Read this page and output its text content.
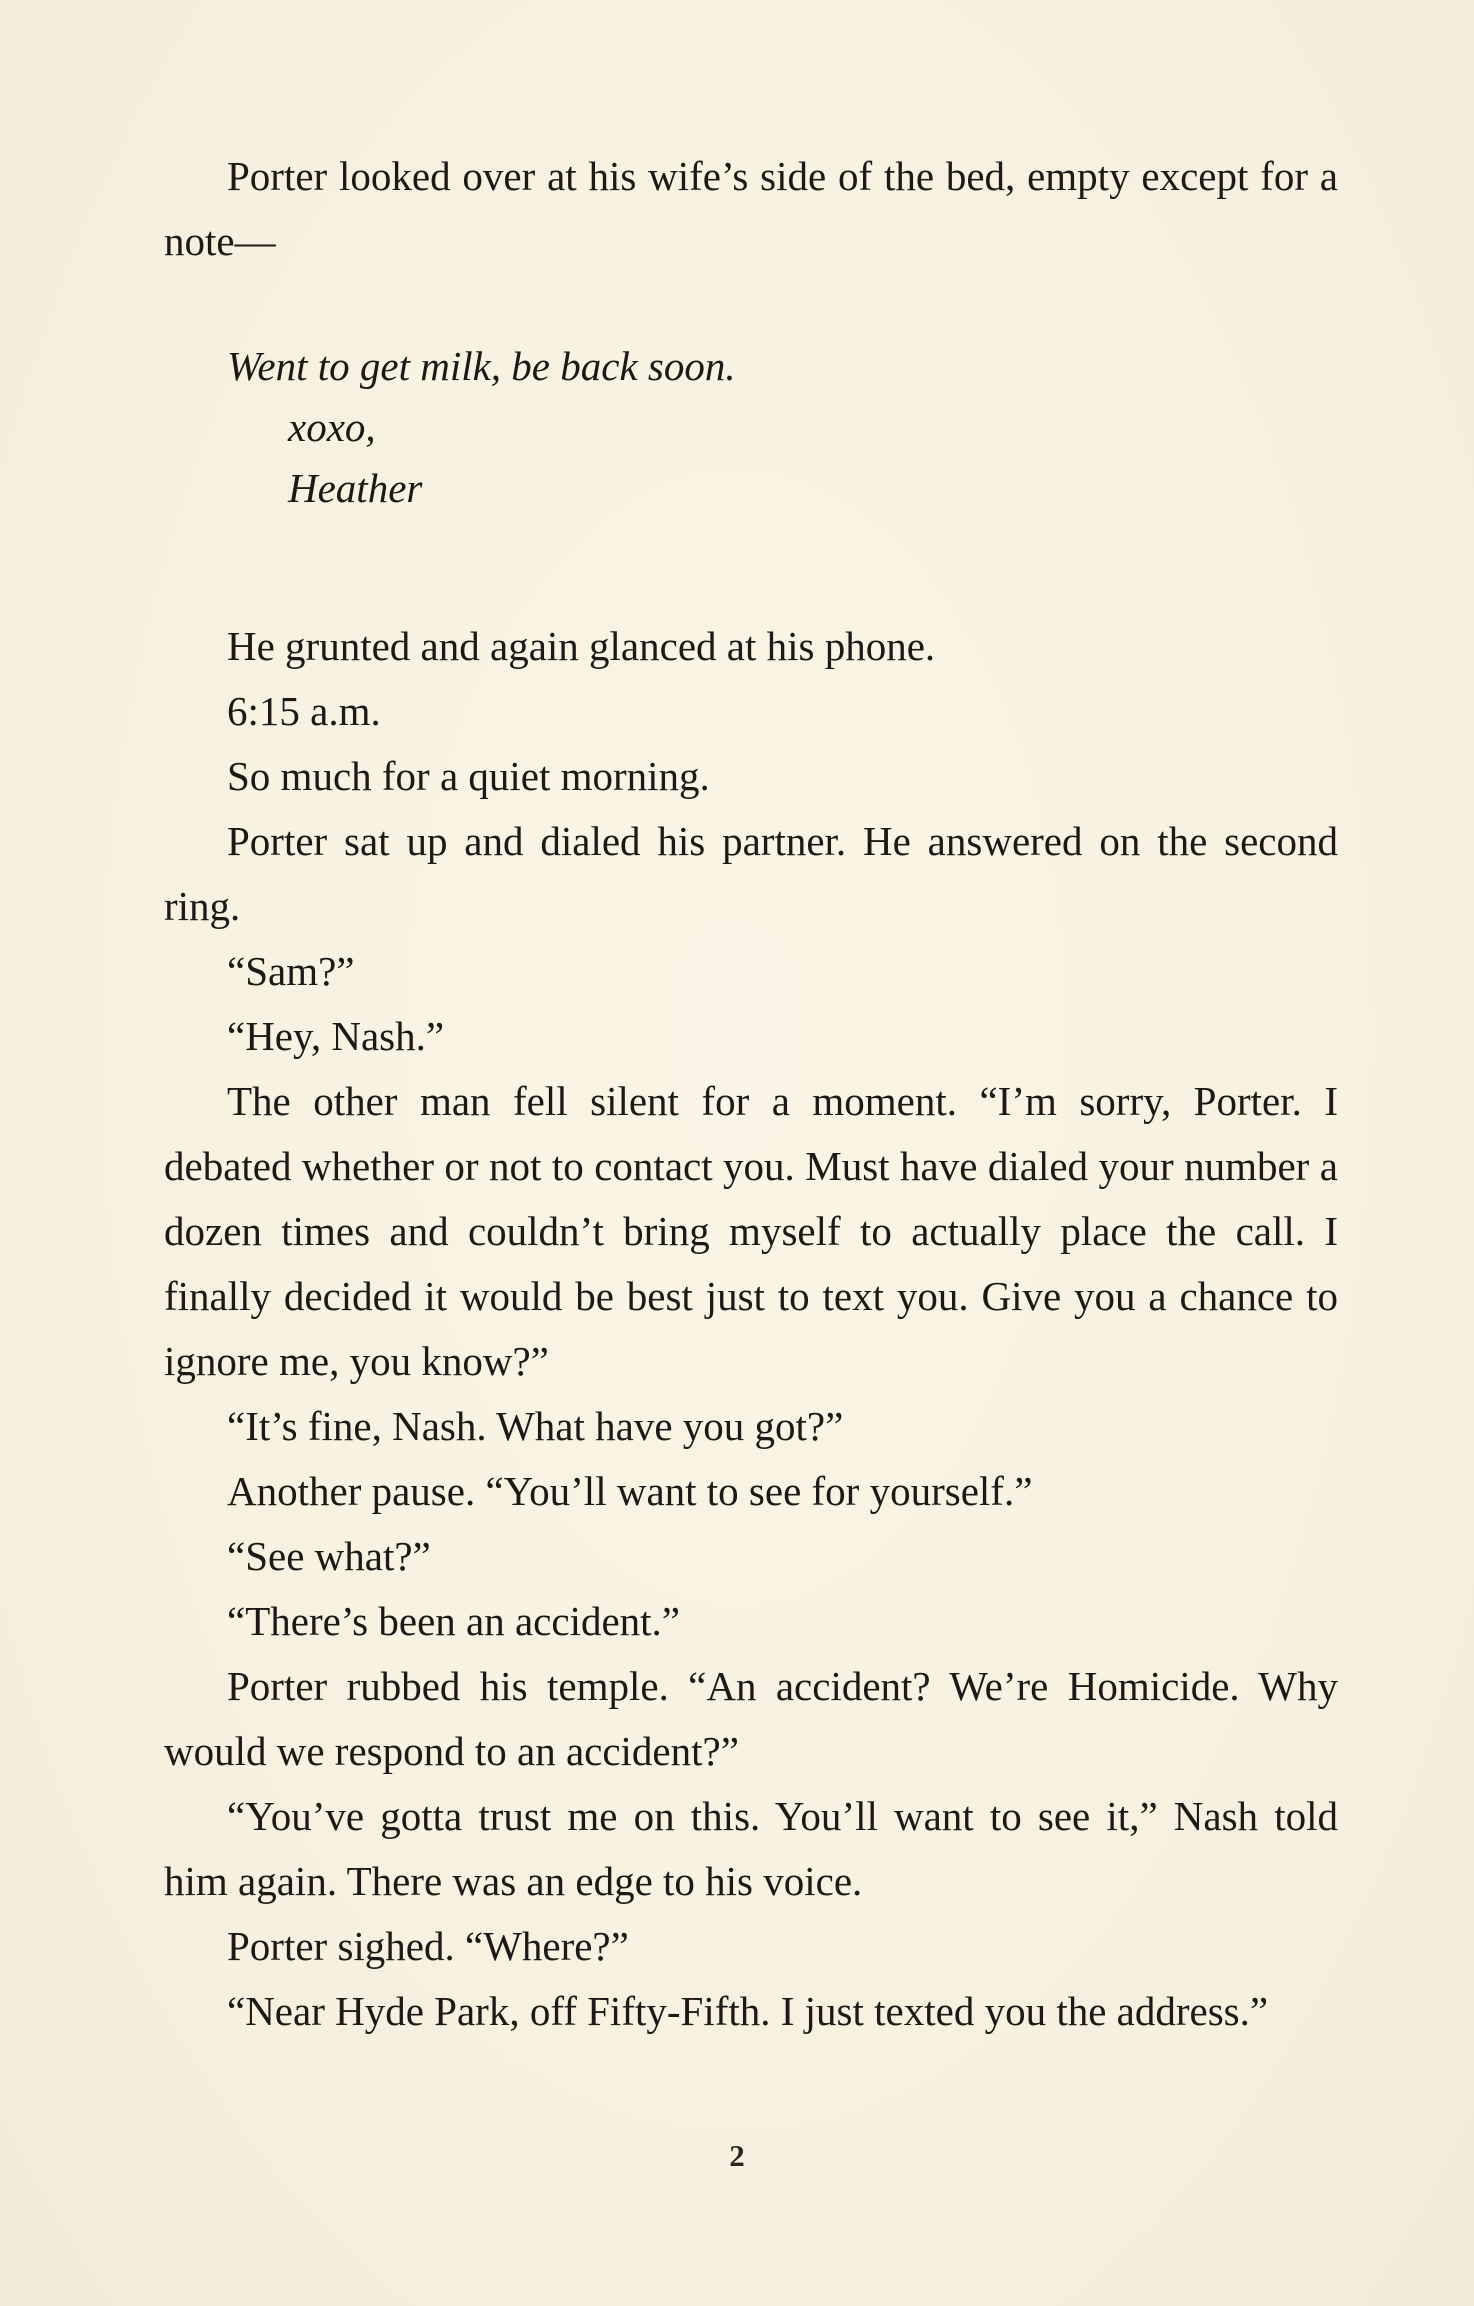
Porter looked over at his wife’s side of the bed, empty except for a note—

Went to get milk, be back soon.
xoxo,
Heather

He grunted and again glanced at his phone.

6:15 a.m.

So much for a quiet morning.

Porter sat up and dialed his partner. He answered on the second ring.

“Sam?”

“Hey, Nash.”

The other man fell silent for a moment. “I’m sorry, Porter. I debated whether or not to contact you. Must have dialed your number a dozen times and couldn’t bring myself to actually place the call. I finally decided it would be best just to text you. Give you a chance to ignore me, you know?”

“It’s fine, Nash. What have you got?”

Another pause. “You’ll want to see for yourself.”

“See what?”

“There’s been an accident.”

Porter rubbed his temple. “An accident? We’re Homicide. Why would we respond to an accident?”

“You’ve gotta trust me on this. You’ll want to see it,” Nash told him again. There was an edge to his voice.

Porter sighed. “Where?”

“Near Hyde Park, off Fifty-Fifth. I just texted you the address.”

2
